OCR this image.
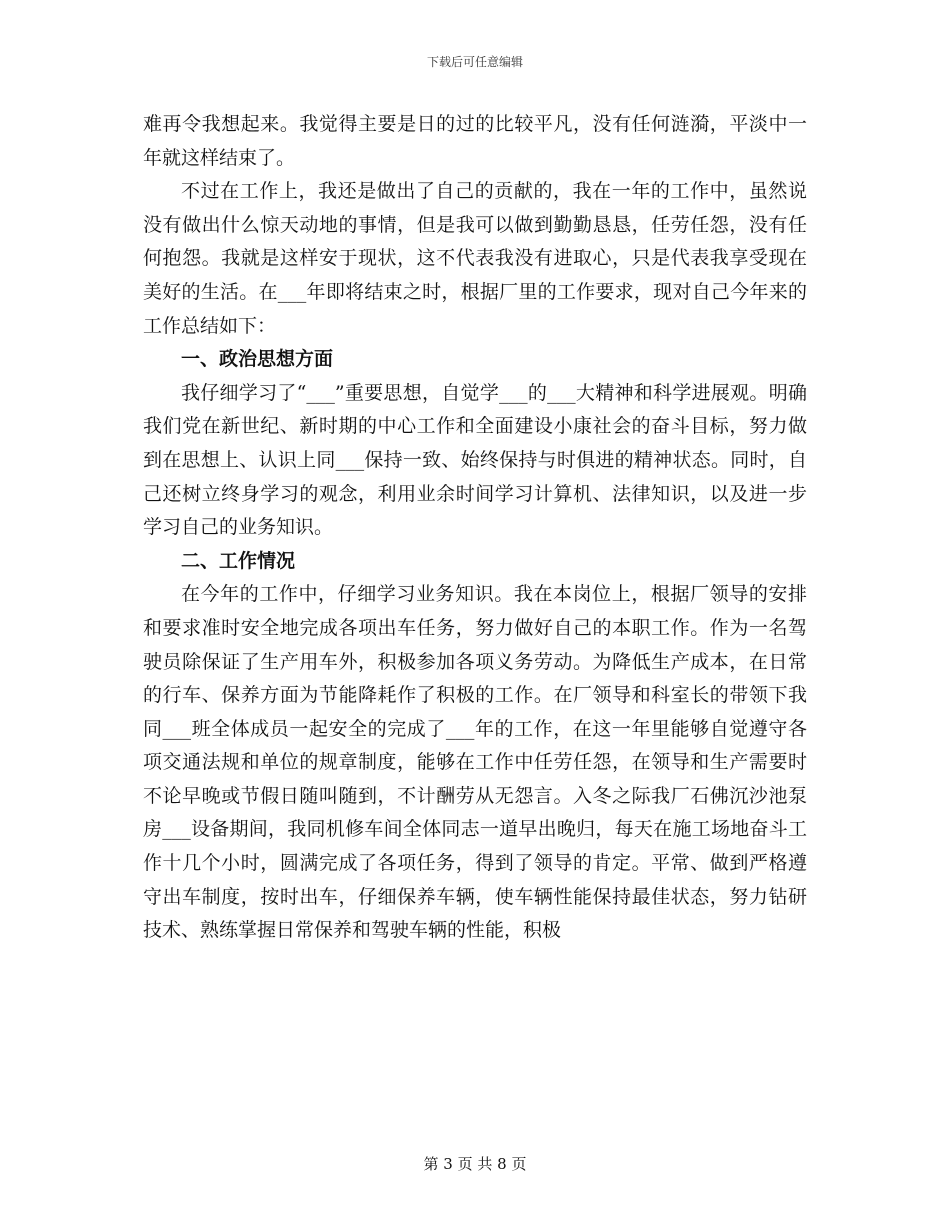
下载后可任意编辑

难再令我想起来。我觉得主要是日的过的比较平凡，没有任何涟漪，平淡中一年就这样结束了。

不过在工作上，我还是做出了自己的贡献的，我在一年的工作中，虽然说没有做出什么惊天动地的事情，但是我可以做到勤勤恳恳，任劳任怨，没有任何抱怨。我就是这样安于现状，这不代表我没有进取心，只是代表我享受现在美好的生活。在___年即将结束之时，根据厂里的工作要求，现对自己今年来的工作总结如下：

一、政治思想方面

我仔细学习了“___”重要思想，自觉学___的___大精神和科学进展观。明确我们党在新世纪、新时期的中心工作和全面建设小康社会的奋斗目标，努力做到在思想上、认识上同___保持一致、始终保持与时俱进的精神状态。同时，自己还树立终身学习的观念，利用业余时间学习计算机、法律知识，以及进一步学习自己的业务知识。

二、工作情况

在今年的工作中，仔细学习业务知识。我在本岗位上，根据厂领导的安排和要求准时安全地完成各项出车任务，努力做好自己的本职工作。作为一名驾驶员除保证了生产用车外，积极参加各项义务劳动。为降低生产成本，在日常的行车、保养方面为节能降耗作了积极的工作。在厂领导和科室长的带领下我同___班全体成员一起安全的完成了___年的工作，在这一年里能够自觉遵守各项交通法规和单位的规章制度，能够在工作中任劳任怨，在领导和生产需要时不论早晚或节假日随叫随到，不计酬劳从无怨言。入冬之际我厂石佛沉沙池泵房___设备期间，我同机修车间全体同志一道早出晚归，每天在施工场地奋斗工作十几个小时，圆满完成了各项任务，得到了领导的肯定。平常、做到严格遵守出车制度，按时出车，仔细保养车辆，使车辆性能保持最佳状态，努力钻研技术、熟练掌握日常保养和驾驶车辆的性能，积极

第 3 页 共 8 页
